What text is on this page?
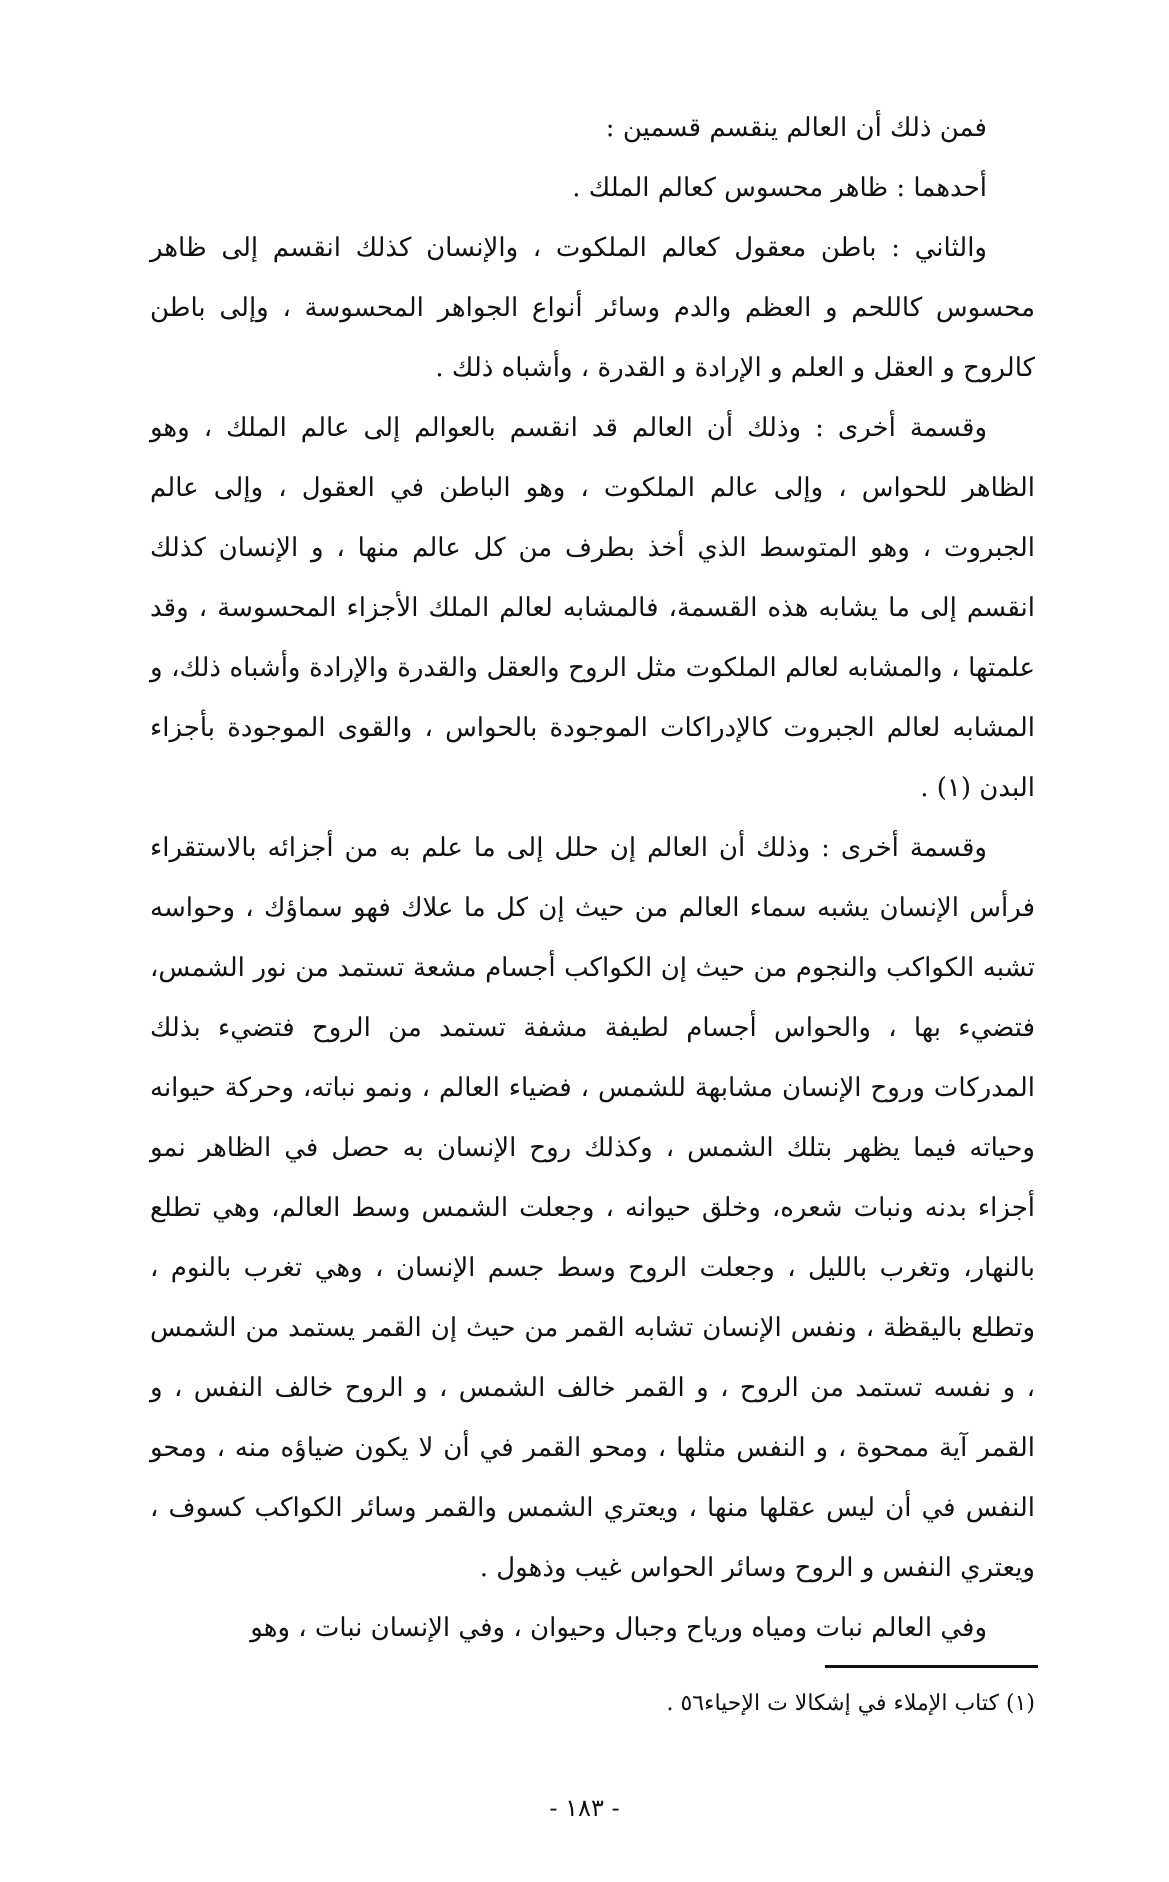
فمن ذلك أن العالم ينقسم قسمين :

أحدهما : ظاهر محسوس كعالم الملك .

والثاني : باطن معقول كعالم الملكوت ، والإنسان كذلك انقسم إلى ظاهر محسوس كاللحم و العظم والدم وسائر أنواع الجواهر المحسوسة ، وإلى باطن كالروح و العقل و العلم و الإرادة و القدرة ، وأشباه ذلك .

وقسمة أخرى : وذلك أن العالم قد انقسم بالعوالم إلى عالم الملك ، وهو الظاهر للحواس ، وإلى عالم الملكوت ، وهو الباطن في العقول ، وإلى عالم الجبروت ، وهو المتوسط الذي أخذ بطرف من كل عالم منها ، و الإنسان كذلك انقسم إلى ما يشابه هذه القسمة، فالمشابه لعالم الملك الأجزاء المحسوسة ، وقد علمتها ، والمشابه لعالم الملكوت مثل الروح والعقل والقدرة والإرادة وأشباه ذلك، و المشابه لعالم الجبروت كالإدراكات الموجودة بالحواس ، والقوى الموجودة بأجزاء البدن (١) .

وقسمة أخرى : وذلك أن العالم إن حلل إلى ما علم به من أجزائه بالاستقراء فرأس الإنسان يشبه سماء العالم من حيث إن كل ما علاك فهو سماؤك ، وحواسه تشبه الكواكب والنجوم من حيث إن الكواكب أجسام مشعة تستمد من نور الشمس، فتضيء بها ، والحواس أجسام لطيفة مشفة تستمد من الروح فتضيء بذلك المدركات وروح الإنسان مشابهة للشمس ، فضياء العالم ، ونمو نباته، وحركة حيوانه وحياته فيما يظهر بتلك الشمس ، وكذلك روح الإنسان به حصل في الظاهر نمو أجزاء بدنه ونبات شعره، وخلق حيوانه ، وجعلت الشمس وسط العالم، وهي تطلع بالنهار، وتغرب بالليل ، وجعلت الروح وسط جسم الإنسان ، وهي تغرب بالنوم ، وتطلع باليقظة ، ونفس الإنسان تشابه القمر من حيث إن القمر يستمد من الشمس ، و نفسه تستمد من الروح ، و القمر خالف الشمس ، و الروح خالف النفس ، و القمر آية ممحوة ، و النفس مثلها ، ومحو القمر في أن لا يكون ضياؤه منه ، ومحو النفس في أن ليس عقلها منها ، ويعتري الشمس والقمر وسائر الكواكب كسوف ، ويعتري النفس و الروح وسائر الحواس غيب وذهول .

وفي العالم نبات ومياه ورياح وجبال وحيوان ، وفي الإنسان نبات ، وهو

(١) كتاب الإملاء في إشكالا ت الإحياء٥٦ .
- ١٨٣ -
